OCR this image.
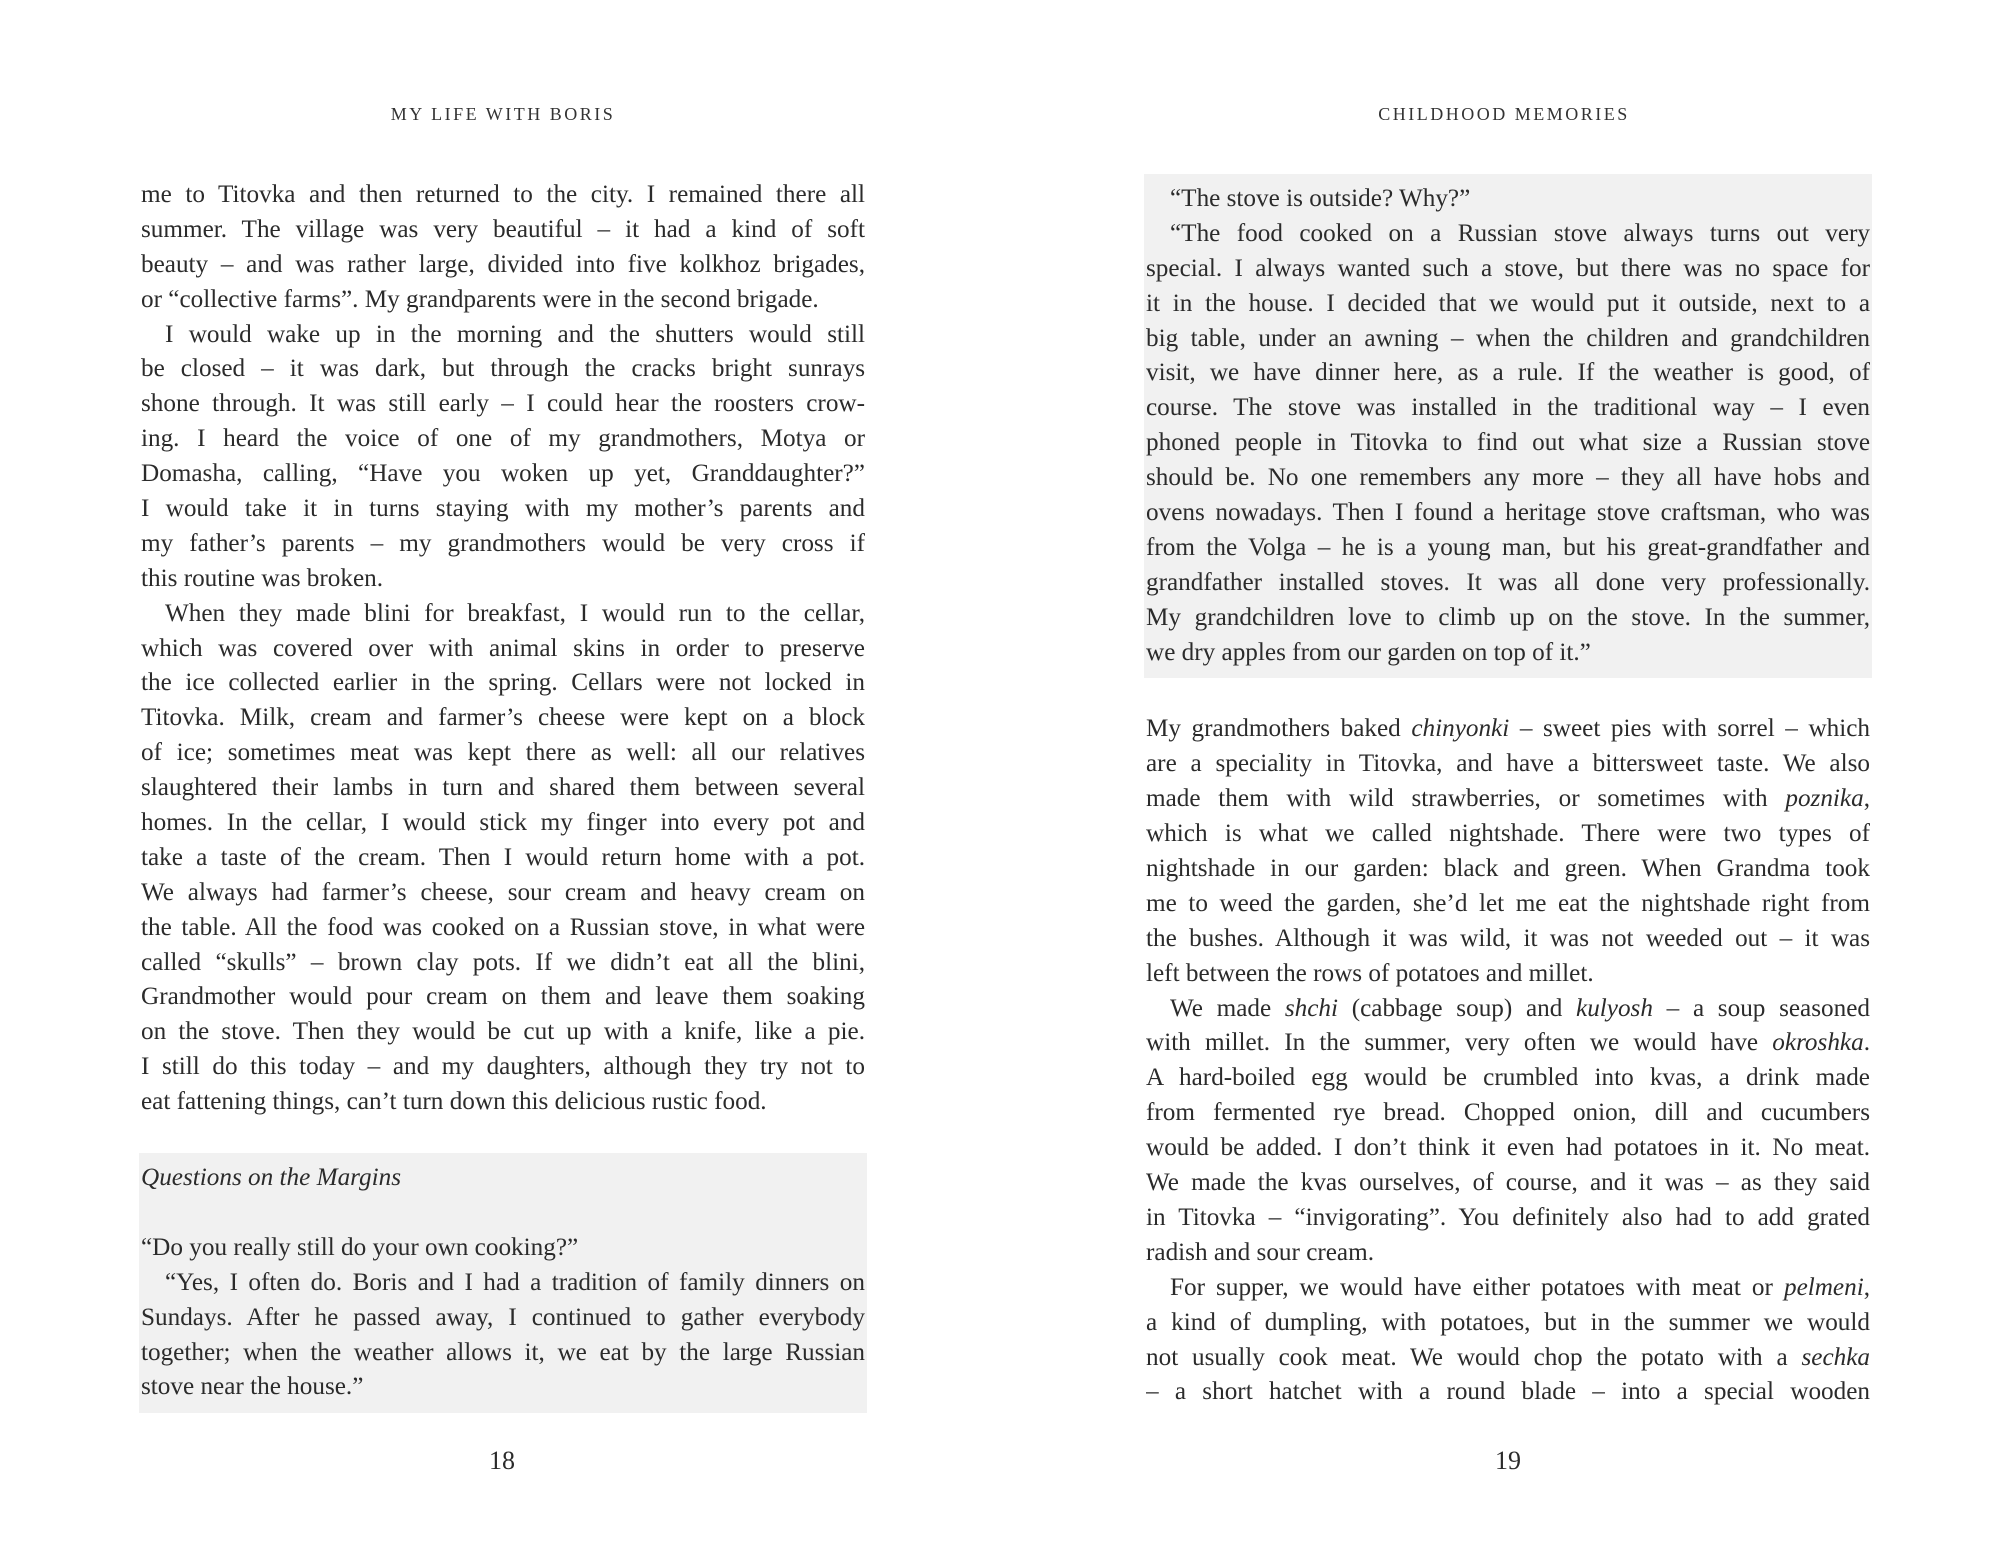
MY LIFE WITH BORIS
me to Titovka and then returned to the city. I remained there all
summer. The village was very beautiful – it had a kind of soft
beauty – and was rather large, divided into five kolkhoz brigades,
or “collective farms”. My grandparents were in the second brigade.
I would wake up in the morning and the shutters would still
be closed – it was dark, but through the cracks bright sunrays
shone through. It was still early – I could hear the roosters crow-
ing. I heard the voice of one of my grandmothers, Motya or
Domasha, calling, “Have you woken up yet, Granddaughter?”
I would take it in turns staying with my mother’s parents and
my father’s parents – my grandmothers would be very cross if
this routine was broken.
When they made blini for breakfast, I would run to the cellar,
which was covered over with animal skins in order to preserve
the ice collected earlier in the spring. Cellars were not locked in
Titovka. Milk, cream and farmer’s cheese were kept on a block
of ice; sometimes meat was kept there as well: all our relatives
slaughtered their lambs in turn and shared them between several
homes. In the cellar, I would stick my finger into every pot and
take a taste of the cream. Then I would return home with a pot.
We always had farmer’s cheese, sour cream and heavy cream on
the table. All the food was cooked on a Russian stove, in what were
called “skulls” – brown clay pots. If we didn’t eat all the blini,
Grandmother would pour cream on them and leave them soaking
on the stove. Then they would be cut up with a knife, like a pie.
I still do this today – and my daughters, although they try not to
eat fattening things, can’t turn down this delicious rustic food.
Questions on the Margins
“Do you really still do your own cooking?”
“Yes, I often do. Boris and I had a tradition of family dinners on
Sundays. After he passed away, I continued to gather everybody
together; when the weather allows it, we eat by the large Russian
stove near the house.”
18
CHILDHOOD MEMORIES
“The stove is outside? Why?”
“The food cooked on a Russian stove always turns out very
special. I always wanted such a stove, but there was no space for
it in the house. I decided that we would put it outside, next to a
big table, under an awning – when the children and grandchildren
visit, we have dinner here, as a rule. If the weather is good, of
course. The stove was installed in the traditional way – I even
phoned people in Titovka to find out what size a Russian stove
should be. No one remembers any more – they all have hobs and
ovens nowadays. Then I found a heritage stove craftsman, who was
from the Volga – he is a young man, but his great-grandfather and
grandfather installed stoves. It was all done very professionally.
My grandchildren love to climb up on the stove. In the summer,
we dry apples from our garden on top of it.”
My grandmothers baked chinyonki – sweet pies with sorrel – which
are a speciality in Titovka, and have a bittersweet taste. We also
made them with wild strawberries, or sometimes with poznika,
which is what we called nightshade. There were two types of
nightshade in our garden: black and green. When Grandma took
me to weed the garden, she’d let me eat the nightshade right from
the bushes. Although it was wild, it was not weeded out – it was
left between the rows of potatoes and millet.
We made shchi (cabbage soup) and kulyosh – a soup seasoned
with millet. In the summer, very often we would have okroshka.
A hard-boiled egg would be crumbled into kvas, a drink made
from fermented rye bread. Chopped onion, dill and cucumbers
would be added. I don’t think it even had potatoes in it. No meat.
We made the kvas ourselves, of course, and it was – as they said
in Titovka – “invigorating”. You definitely also had to add grated
radish and sour cream.
For supper, we would have either potatoes with meat or pelmeni,
a kind of dumpling, with potatoes, but in the summer we would
not usually cook meat. We would chop the potato with a sechka
– a short hatchet with a round blade – into a special wooden
19
